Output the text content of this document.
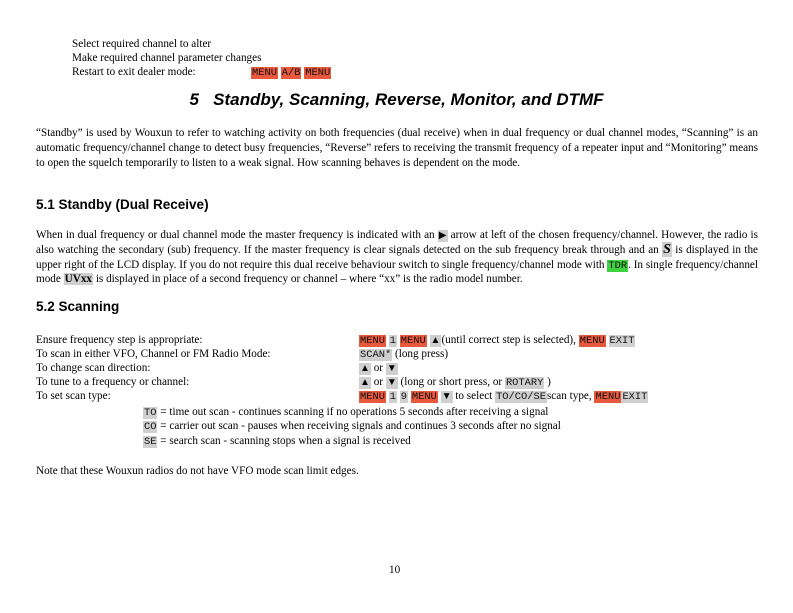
Select required channel to alter
Make required channel parameter changes
Restart to exit dealer mode:	MENU A/B MENU
5 Standby, Scanning, Reverse, Monitor, and DTMF
“Standby” is used by Wouxun to refer to watching activity on both frequencies (dual receive) when in dual frequency or dual channel modes, “Scanning” is an automatic frequency/channel change to detect busy frequencies, “Reverse” refers to receiving the transmit frequency of a repeater input and “Monitoring” means to open the squelch temporarily to listen to a weak signal. How scanning behaves is dependent on the mode.
5.1 Standby (Dual Receive)
When in dual frequency or dual channel mode the master frequency is indicated with an ▶ arrow at left of the chosen frequency/channel. However, the radio is also watching the secondary (sub) frequency. If the master frequency is clear signals detected on the sub frequency break through and an S is displayed in the upper right of the LCD display. If you do not require this dual receive behaviour switch to single frequency/channel mode with TDR. In single frequency/channel mode UVxx is displayed in place of a second frequency or channel – where “xx” is the radio model number.
5.2 Scanning
Ensure frequency step is appropriate:
To scan in either VFO, Channel or FM Radio Mode:
To change scan direction:
To tune to a frequency or channel:
To set scan type:
MENU 1 MENU ▲(until correct step is selected), MENU EXIT
SCAN* (long press)
▲ or ▼
▲ or ▼ (long or short press, or ROTARY )
MENU 1 9 MENU ▼ to select TO/CO/SEscan type, MENU EXIT
TO = time out scan - continues scanning if no operations 5 seconds after receiving a signal
CO = carrier out scan - pauses when receiving signals and continues 3 seconds after no signal
SE = search scan - scanning stops when a signal is received
Note that these Wouxun radios do not have VFO mode scan limit edges.
10
